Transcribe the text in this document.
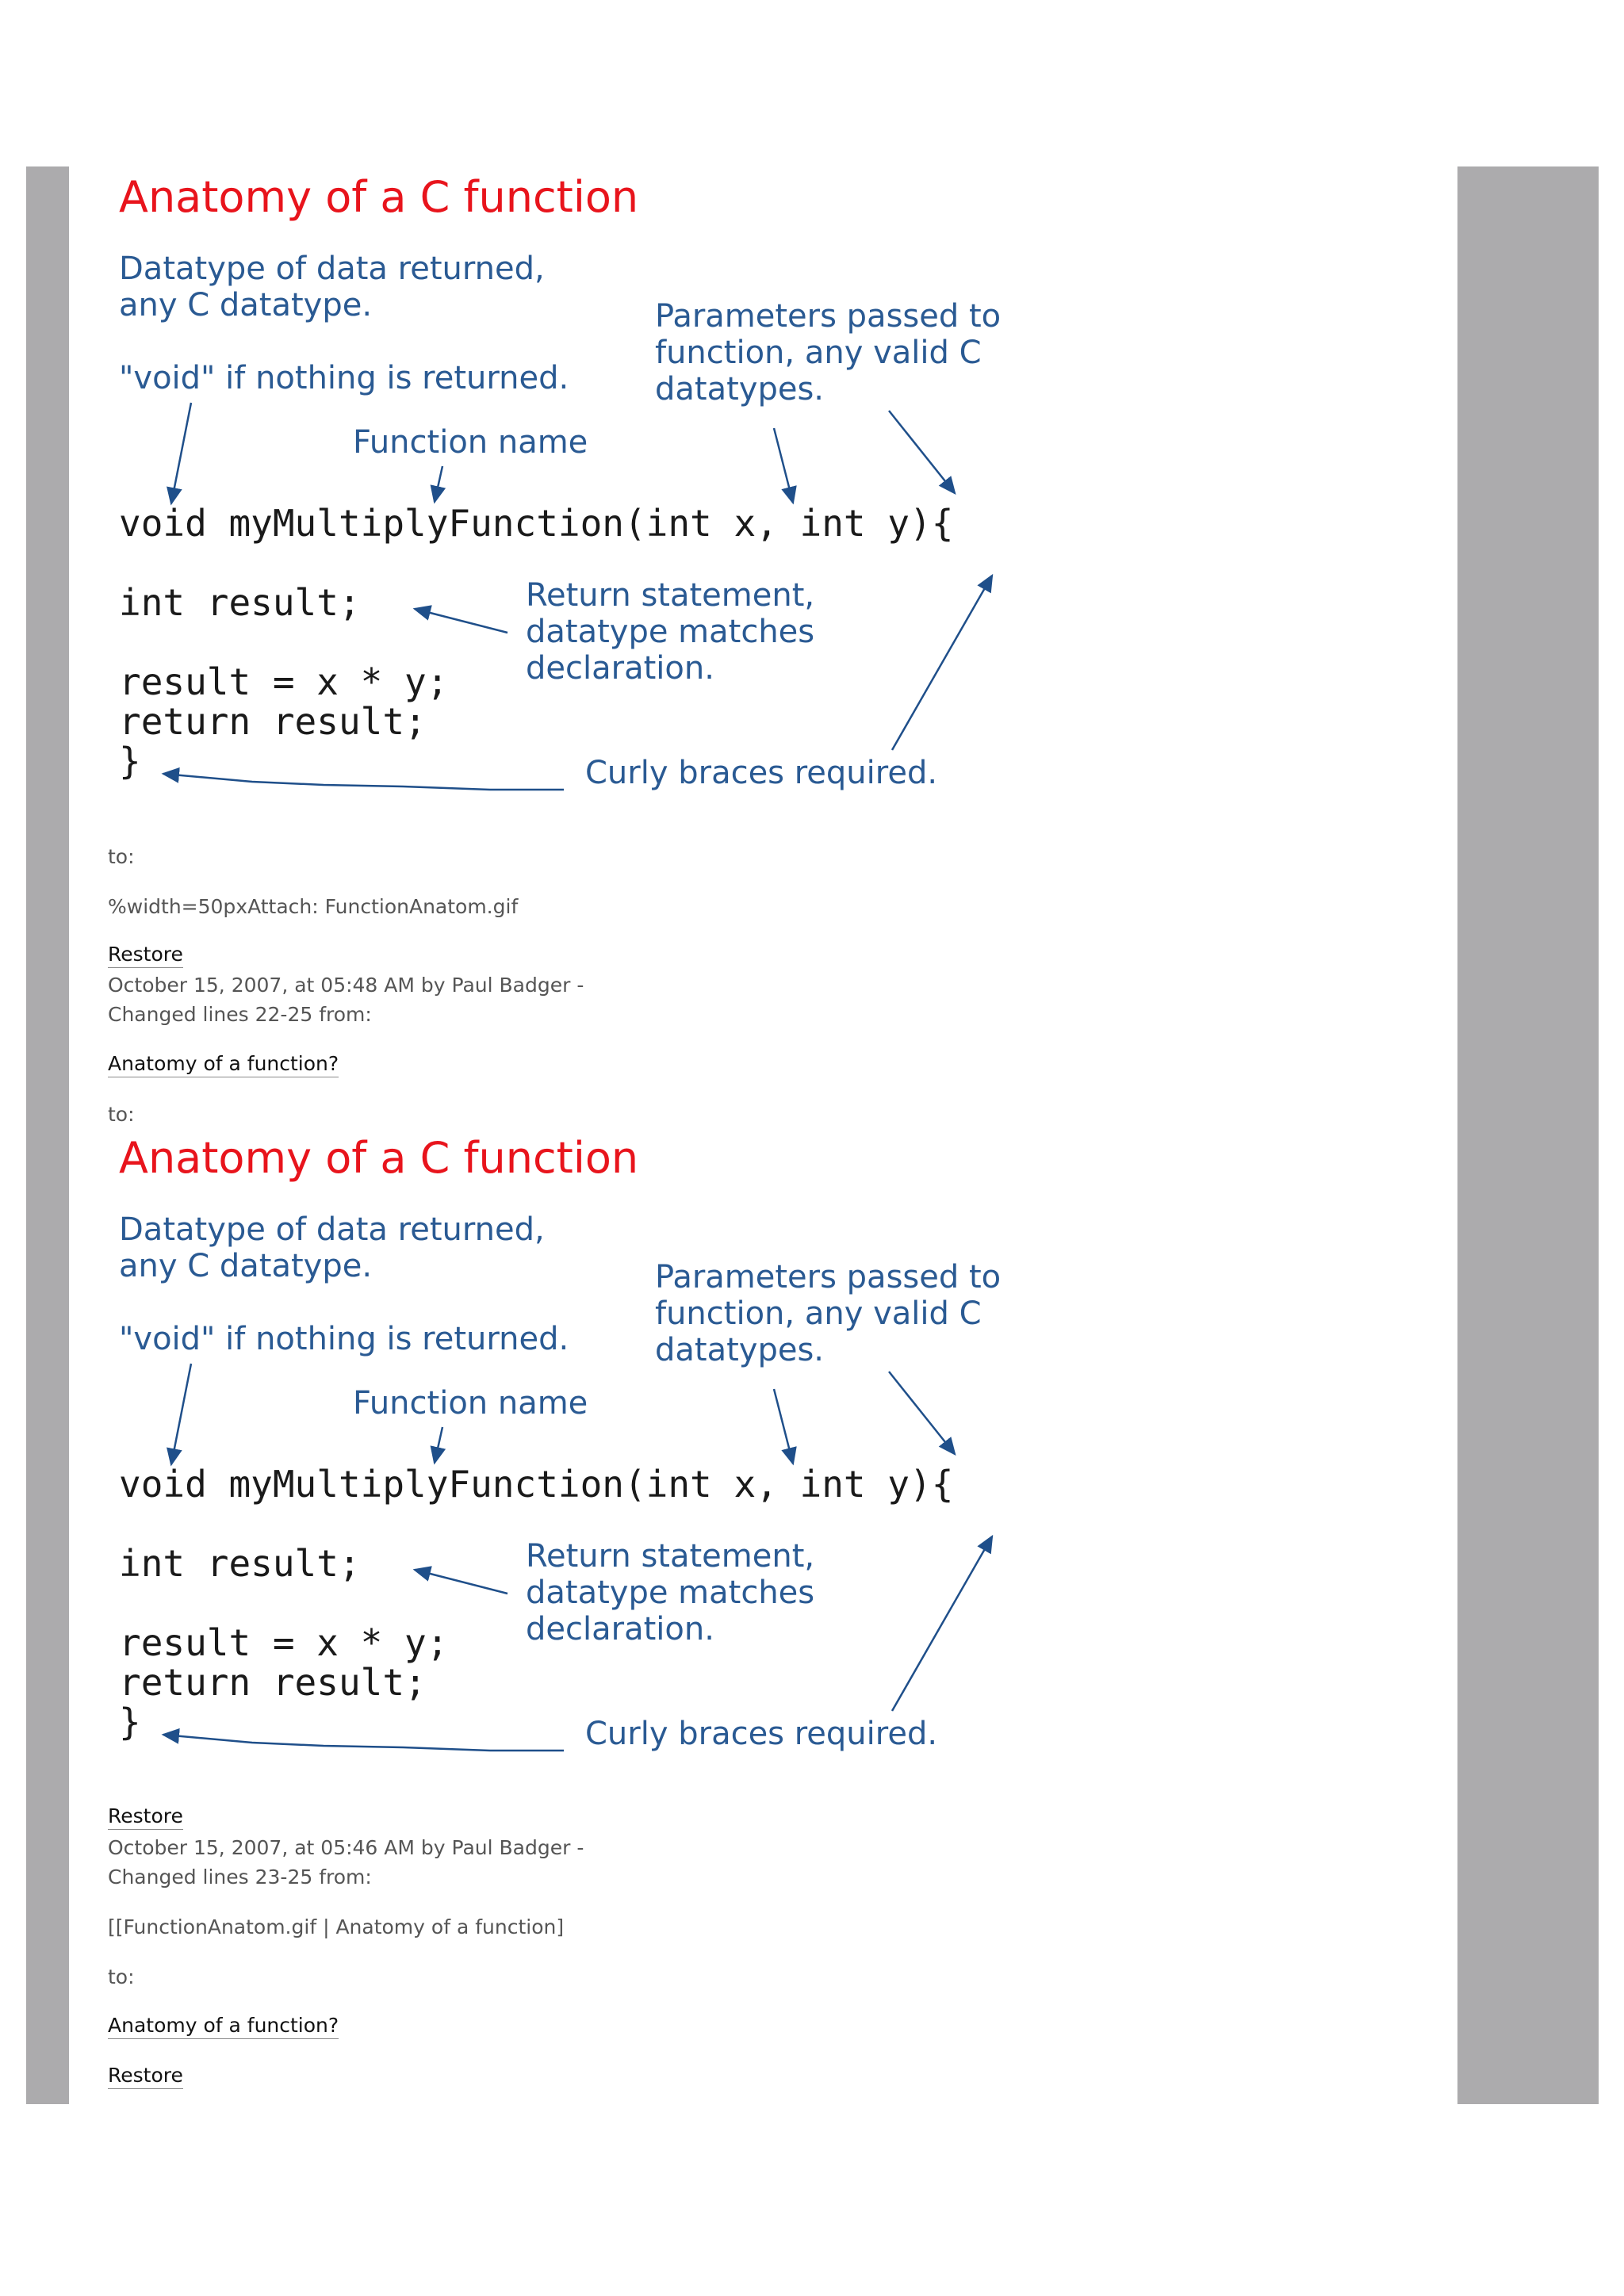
Anatomy of a C function
Datatype of data returned,
any C datatype.
"void" if nothing is returned.
Parameters passed to
function, any valid C
datatypes.
Function name
void myMultiplyFunction(int x, int y){
int result;
result = x * y;
return result;
}
Return statement,
datatype matches
declaration.
Curly braces required.
to:
%width=50pxAttach: FunctionAnatom.gif
Restore
October 15, 2007, at 05:48 AM by Paul Badger -
Changed lines 22-25 from:
Anatomy of a function?
to:
Anatomy of a C function
Datatype of data returned,
any C datatype.
"void" if nothing is returned.
Parameters passed to
function, any valid C
datatypes.
Function name
void myMultiplyFunction(int x, int y){
int result;
result = x * y;
return result;
}
Return statement,
datatype matches
declaration.
Curly braces required.
Restore
October 15, 2007, at 05:46 AM by Paul Badger -
Changed lines 23-25 from:
[[FunctionAnatom.gif | Anatomy of a function]
to:
Anatomy of a function?
Restore
